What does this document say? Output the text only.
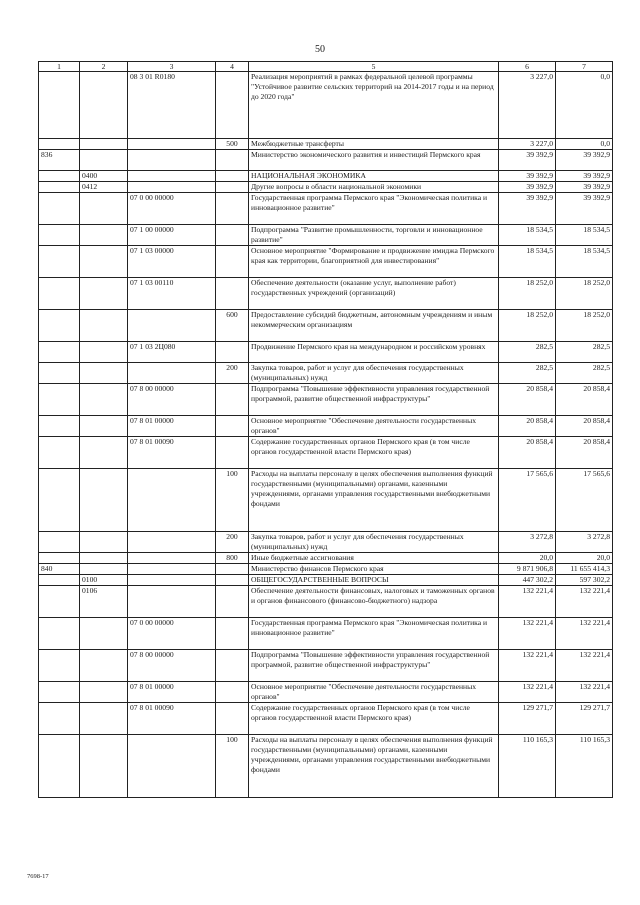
50
1	2	3	4	5	6	7
		08 3 01 R0180		Реализация мероприятий в рамках федеральной целевой программы "Устойчивое развитие сельских территорий на 2014-2017 годы и на период до 2020 года"	3 227,0	0,0
			500	Межбюджетные трансферты	3 227,0	0,0
836				Министерство экономического развития и инвестиций Пермского края	39 392,9	39 392,9
	0400			НАЦИОНАЛЬНАЯ ЭКОНОМИКА	39 392,9	39 392,9
	0412			Другие вопросы в области национальной экономики	39 392,9	39 392,9
		07 0 00 00000		Государственная программа Пермского края "Экономическая политика и инновационное развитие"	39 392,9	39 392,9
		07 1 00 00000		Подпрограмма "Развитие промышленности, торговли и инновационное развитие"	18 534,5	18 534,5
		07 1 03 00000		Основное мероприятие "Формирование и продвижение имиджа Пермского края как территории, благоприятной для инвестирования"	18 534,5	18 534,5
		07 1 03 00110		Обеспечение деятельности (оказание услуг, выполнение работ) государственных учреждений (организаций)	18 252,0	18 252,0
			600	Предоставление субсидий бюджетным, автономным учреждениям и иным некоммерческим организациям	18 252,0	18 252,0
		07 1 03 2Ц080		Продвижение Пермского края на международном и российском уровнях	282,5	282,5
			200	Закупка товаров, работ и услуг для обеспечения государственных (муниципальных) нужд	282,5	282,5
		07 8 00 00000		Подпрограмма "Повышение эффективности управления государственной программой, развитие общественной инфраструктуры"	20 858,4	20 858,4
		07 8 01 00000		Основное мероприятие "Обеспечение деятельности государственных органов"	20 858,4	20 858,4
		07 8 01 00090		Содержание государственных органов Пермского края (в том числе органов государственной власти Пермского края)	20 858,4	20 858,4
			100	Расходы на выплаты персоналу в целях обеспечения выполнения функций государственными (муниципальными) органами, казенными учреждениями, органами управления государственными внебюджетными фондами	17 565,6	17 565,6
			200	Закупка товаров, работ и услуг для обеспечения государственных (муниципальных) нужд	3 272,8	3 272,8
			800	Иные бюджетные ассигнования	20,0	20,0
840				Министерство финансов Пермского края	9 871 906,8	11 655 414,3
	0100			ОБЩЕГОСУДАРСТВЕННЫЕ ВОПРОСЫ	447 302,2	597 302,2
	0106			Обеспечение деятельности финансовых, налоговых и таможенных органов и органов финансового (финансово-бюджетного) надзора	132 221,4	132 221,4
		07 0 00 00000		Государственная программа Пермского края "Экономическая политика и инновационное развитие"	132 221,4	132 221,4
		07 8 00 00000		Подпрограмма "Повышение эффективности управления государственной программой, развитие общественной инфраструктуры"	132 221,4	132 221,4
		07 8 01 00000		Основное мероприятие "Обеспечение деятельности государственных органов"	132 221,4	132 221,4
		07 8 01 00090		Содержание государственных органов Пермского края (в том числе органов государственной власти Пермского края)	129 271,7	129 271,7
			100	Расходы на выплаты персоналу в целях обеспечения выполнения функций государственными (муниципальными) органами, казенными учреждениями, органами управления государственными внебюджетными фондами	110 165,3	110 165,3
7698-17
